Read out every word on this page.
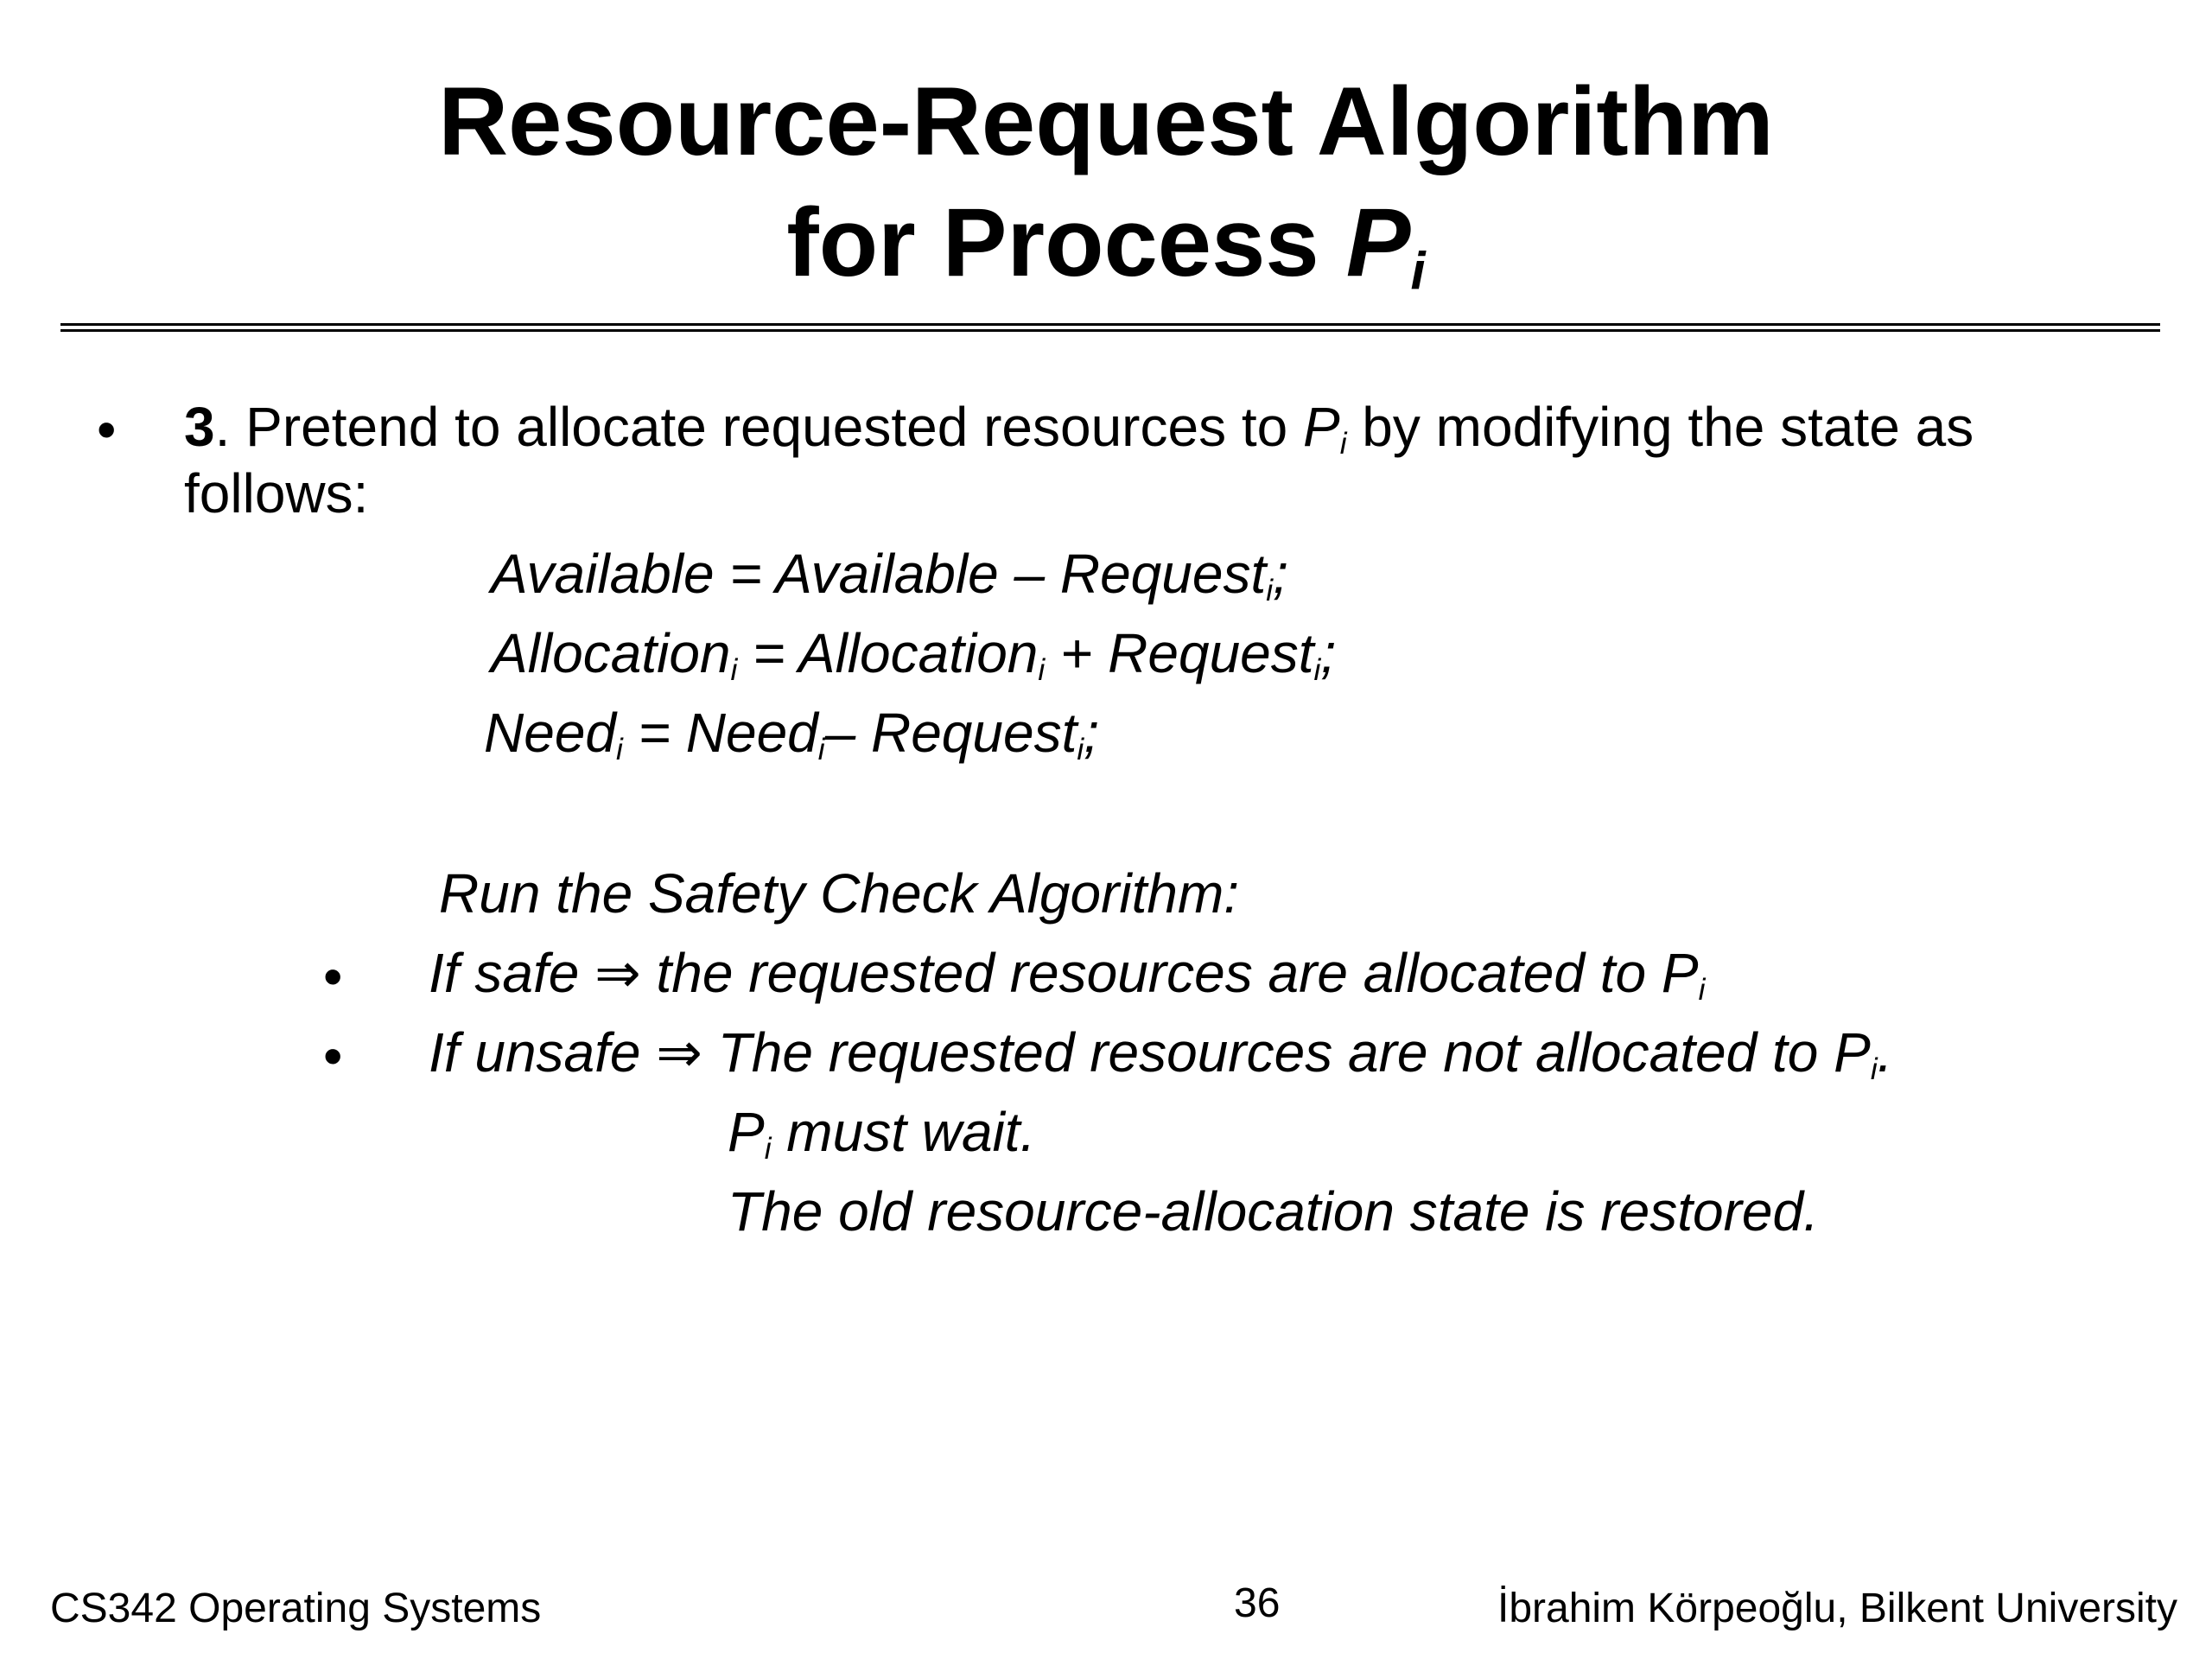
Resource-Request Algorithm
for Process $P_i$
• 3. Pretend to allocate requested resources to $P_i$ by modifying the state as
follows:
Available = Available – Request$_i$;
Allocation$_i$ = Allocation$_i$ + Request$_i$;
Need$_i$ = Need$_i$– Request$_i$;
Run the Safety Check Algorithm:
• If safe ⇒ the requested resources are allocated to $P_i$
• If unsafe ⇒ The requested resources are not allocated to $P_i$.
$P_i$ must wait.
The old resource-allocation state is restored.
CS342 Operating Systems	36	İbrahim Körpeoğlu, Bilkent University
